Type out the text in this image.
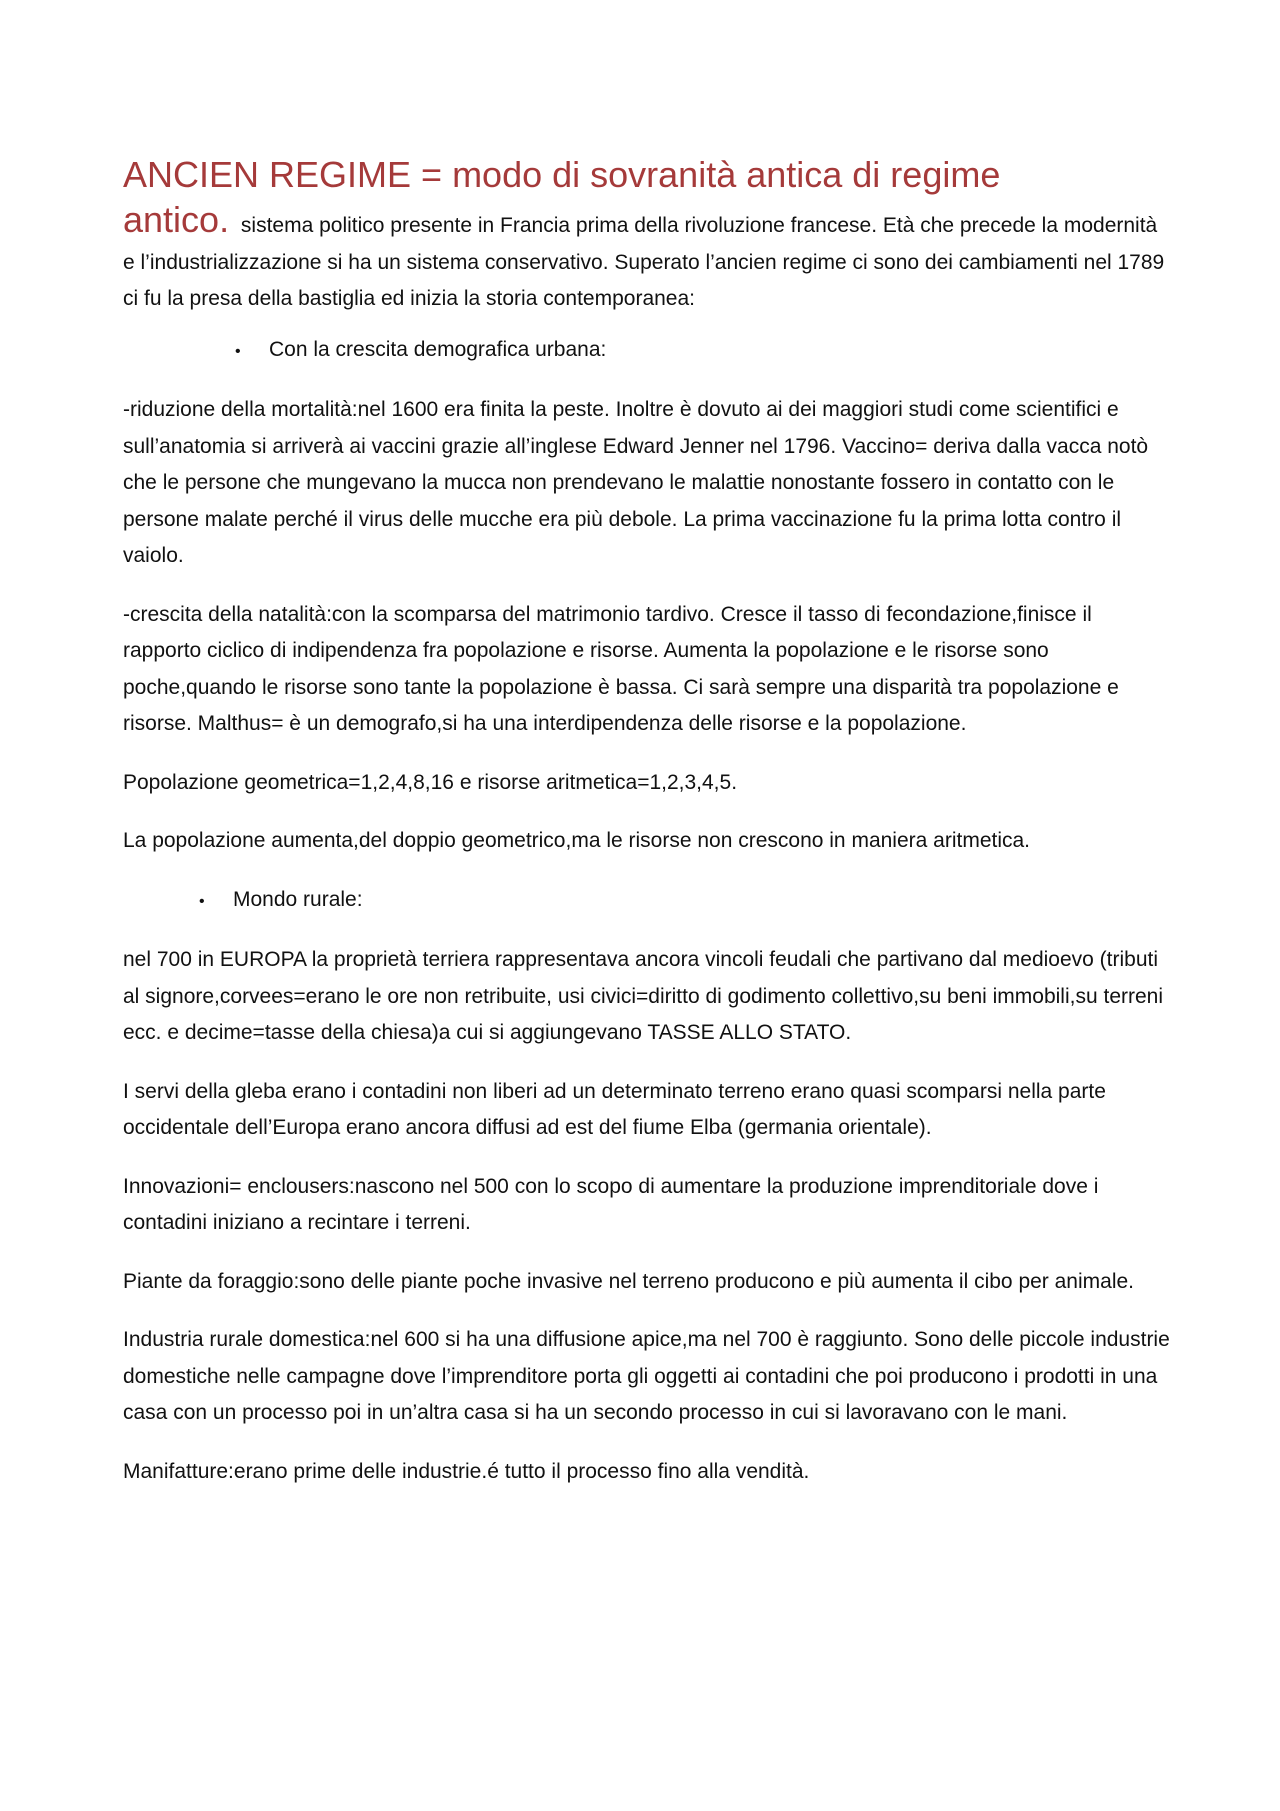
ANCIEN REGIME = modo di sovranità antica di regime
antico. sistema politico presente in Francia prima della rivoluzione francese. Età che precede la modernità e l’industrializzazione si ha un sistema conservativo. Superato l’ancien regime ci sono dei cambiamenti nel 1789 ci fu la presa della bastiglia ed inizia la storia contemporanea:
•	Con la crescita demografica urbana:

-riduzione della mortalità:nel 1600 era finita la peste. Inoltre è dovuto ai dei maggiori studi come scientifici e sull’anatomia si arriverà ai vaccini grazie all’inglese Edward Jenner nel 1796. Vaccino= deriva dalla vacca notò che le persone che mungevano la mucca non prendevano le malattie nonostante fossero in contatto con le persone malate perché il virus delle mucche era più debole. La prima vaccinazione fu la prima lotta contro il vaiolo.

-crescita della natalità:con la scomparsa del matrimonio tardivo. Cresce il tasso di fecondazione,finisce il rapporto ciclico di indipendenza fra popolazione e risorse. Aumenta la popolazione e le risorse sono poche,quando le risorse sono tante la popolazione è bassa. Ci sarà sempre una disparità tra popolazione e risorse. Malthus= è un demografo,si ha una interdipendenza delle risorse e la popolazione.

Popolazione geometrica=1,2,4,8,16 e risorse aritmetica=1,2,3,4,5.

La popolazione aumenta,del doppio geometrico,ma le risorse non crescono in maniera aritmetica.

•	Mondo rurale:

nel 700 in EUROPA la proprietà terriera rappresentava ancora vincoli feudali che partivano dal medioevo (tributi al signore,corvees=erano le ore non retribuite, usi civici=diritto di godimento collettivo,su beni immobili,su terreni ecc. e decime=tasse della chiesa)a cui si aggiungevano TASSE ALLO STATO.

I servi della gleba erano i contadini non liberi ad un determinato terreno erano quasi scomparsi nella parte occidentale dell’Europa erano ancora diffusi ad est del fiume Elba (germania orientale).

Innovazioni= enclousers:nascono nel 500 con lo scopo di aumentare la produzione imprenditoriale dove i contadini iniziano a recintare i terreni.

Piante da foraggio:sono delle piante poche invasive nel terreno producono e più aumenta il cibo per animale.

Industria rurale domestica:nel 600 si ha una diffusione apice,ma nel 700 è raggiunto. Sono delle piccole industrie domestiche nelle campagne dove l’imprenditore porta gli oggetti ai contadini che poi producono i prodotti in una casa con un processo poi in un’altra casa si ha un secondo processo in cui si lavoravano con le mani.

Manifatture:erano prime delle industrie.é tutto il processo fino alla vendità.
